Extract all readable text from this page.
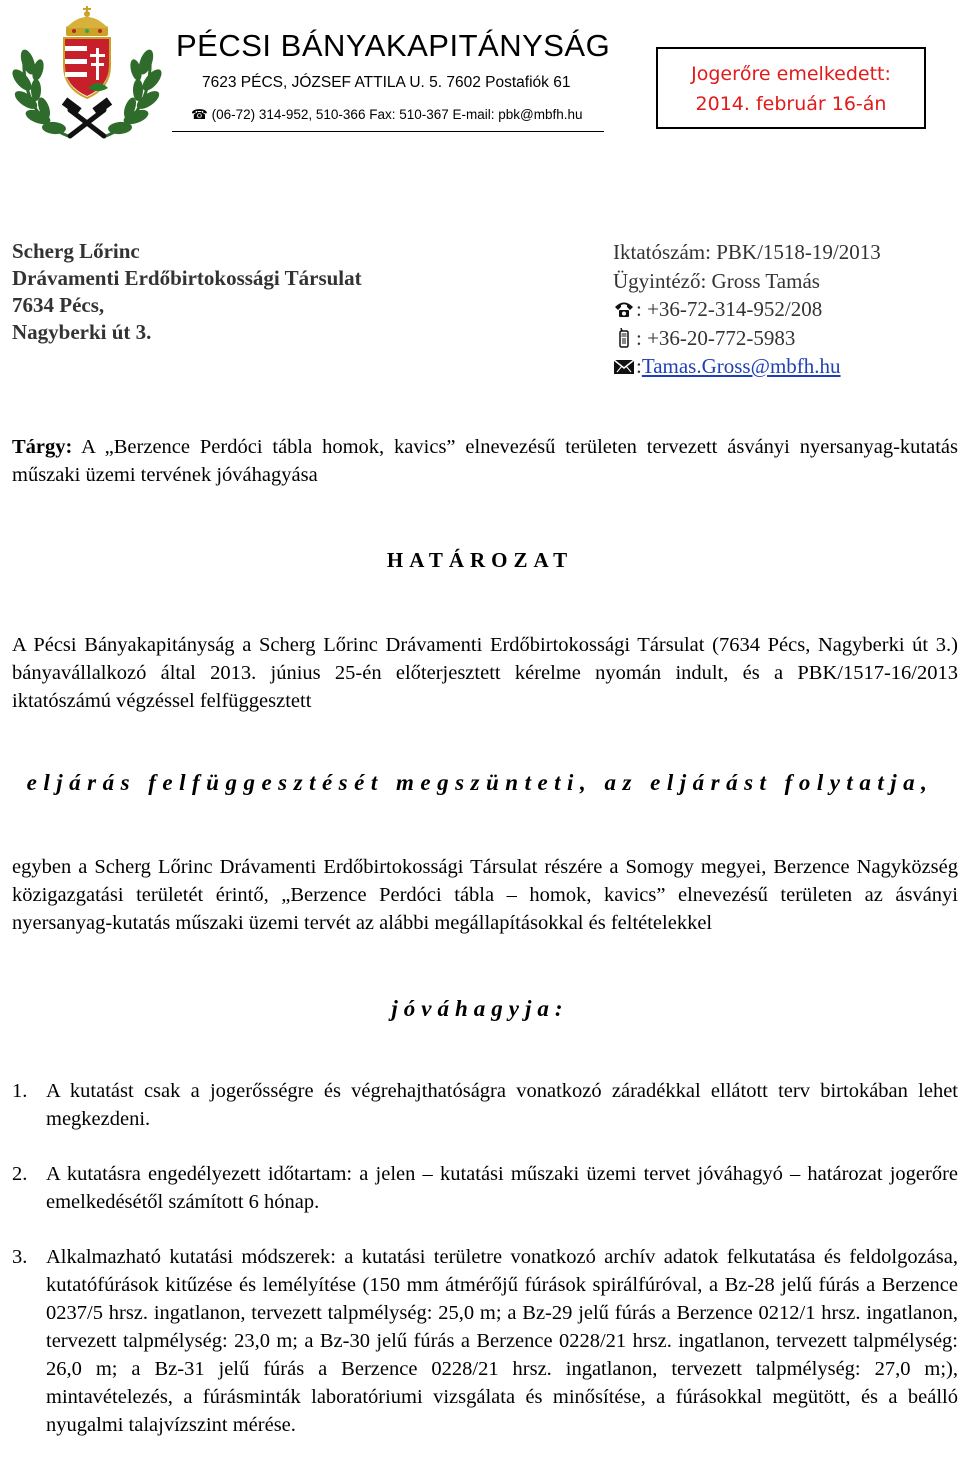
PÉCSI BÁNYAKAPITÁNYSÁG
7623 PÉCS, JÓZSEF ATTILA U. 5. 7602 Postafiók 61
☎ (06-72) 314-952, 510-366 Fax: 510-367 E-mail: pbk@mbfh.hu
Jogerőre emelkedett:
2014. február 16-án
Scherg Lőrinc
Drávamenti Erdőbirtokossági Társulat
7634 Pécs,
Nagyberki út 3.
Iktatószám: PBK/1518-19/2013
Ügyintéző: Gross Tamás
: +36-72-314-952/208
: +36-20-772-5983
: Tamas.Gross@mbfh.hu
Tárgy: A „Berzence Perdóci tábla homok, kavics” elnevezésű területen tervezett ásványi nyersanyag-kutatás műszaki üzemi tervének jóváhagyása
HATÁROZAT
A Pécsi Bányakapitányság a Scherg Lőrinc Drávamenti Erdőbirtokossági Társulat (7634 Pécs, Nagyberki út 3.) bányavállalkozó által 2013. június 25-én előterjesztett kérelme nyomán indult, és a PBK/1517-16/2013 iktatószámú végzéssel felfüggesztett
eljárás felfüggesztését megszünteti, az eljárást folytatja,
egyben a Scherg Lőrinc Drávamenti Erdőbirtokossági Társulat részére a Somogy megyei, Berzence Nagyközség közigazgatási területét érintő, „Berzence Perdóci tábla – homok, kavics” elnevezésű területen az ásványi nyersanyag-kutatás műszaki üzemi tervét az alábbi megállapításokkal és feltételekkel
jóváhagyja:
1. A kutatást csak a jogerősségre és végrehajthatóságra vonatkozó záradékkal ellátott terv birtokában lehet megkezdeni.
2. A kutatásra engedélyezett időtartam: a jelen – kutatási műszaki üzemi tervet jóváhagyó – határozat jogerőre emelkedésétől számított 6 hónap.
3. Alkalmazható kutatási módszerek: a kutatási területre vonatkozó archív adatok felkutatása és feldolgozása, kutatófúrások kitűzése és lemélyítése (150 mm átmérőjű fúrások spirálfúróval, a Bz-28 jelű fúrás a Berzence 0237/5 hrsz. ingatlanon, tervezett talpmélység: 25,0 m; a Bz-29 jelű fúrás a Berzence 0212/1 hrsz. ingatlanon, tervezett talpmélység: 23,0 m; a Bz-30 jelű fúrás a Berzence 0228/21 hrsz. ingatlanon, tervezett talpmélység: 26,0 m; a Bz-31 jelű fúrás a Berzence 0228/21 hrsz. ingatlanon, tervezett talpmélység: 27,0 m;), mintavételezés, a fúrásminták laboratóriumi vizsgálata és minősítése, a fúrásokkal megütött, és a beálló nyugalmi talajvízszint mérése.
